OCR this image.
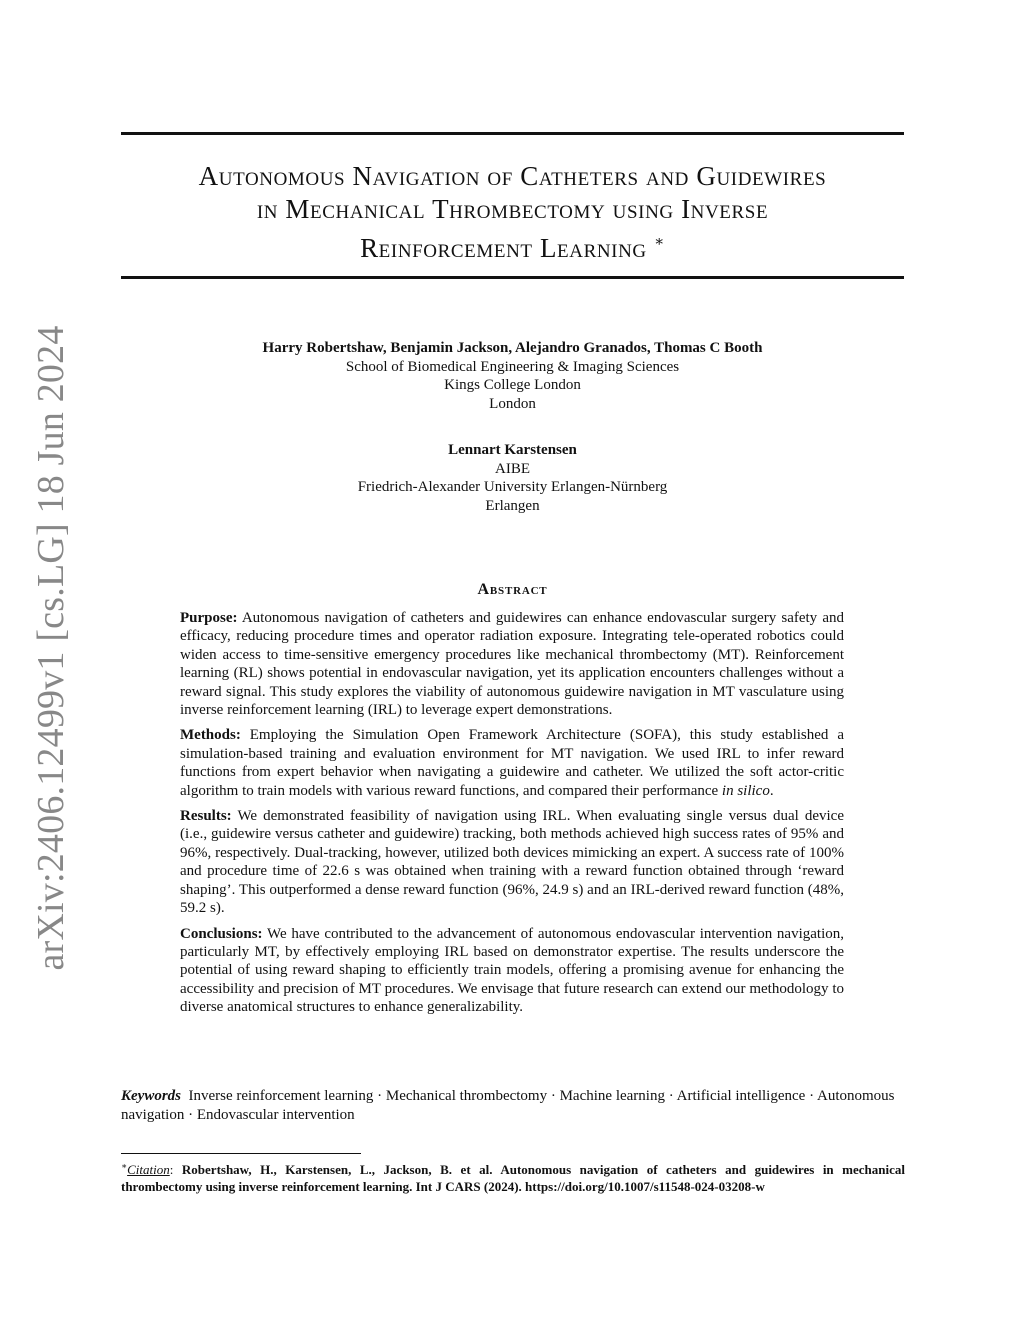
arXiv:2406.12499v1 [cs.LG] 18 Jun 2024
Autonomous Navigation of Catheters and Guidewires
in Mechanical Thrombectomy using Inverse
Reinforcement Learning ∗
Harry Robertshaw, Benjamin Jackson, Alejandro Granados, Thomas C Booth
School of Biomedical Engineering & Imaging Sciences
Kings College London
London
Lennart Karstensen
AIBE
Friedrich-Alexander University Erlangen-Nürnberg
Erlangen
Abstract

Purpose: Autonomous navigation of catheters and guidewires can enhance endovascular surgery safety and efficacy, reducing procedure times and operator radiation exposure. Integrating tele-operated robotics could widen access to time-sensitive emergency procedures like mechanical thrombectomy (MT). Reinforcement learning (RL) shows potential in endovascular navigation, yet its application encounters challenges without a reward signal. This study explores the viability of autonomous guidewire navigation in MT vasculature using inverse reinforcement learning (IRL) to leverage expert demonstrations.

Methods: Employing the Simulation Open Framework Architecture (SOFA), this study established a simulation-based training and evaluation environment for MT navigation. We used IRL to infer reward functions from expert behavior when navigating a guidewire and catheter. We utilized the soft actor-critic algorithm to train models with various reward functions, and compared their performance in silico.

Results: We demonstrated feasibility of navigation using IRL. When evaluating single versus dual device (i.e., guidewire versus catheter and guidewire) tracking, both methods achieved high success rates of 95% and 96%, respectively. Dual-tracking, however, utilized both devices mimicking an expert. A success rate of 100% and procedure time of 22.6 s was obtained when training with a reward function obtained through ‘reward shaping’. This outperformed a dense reward function (96%, 24.9 s) and an IRL-derived reward function (48%, 59.2 s).

Conclusions: We have contributed to the advancement of autonomous endovascular intervention navigation, particularly MT, by effectively employing IRL based on demonstrator expertise. The results underscore the potential of using reward shaping to efficiently train models, offering a promising avenue for enhancing the accessibility and precision of MT procedures. We envisage that future research can extend our methodology to diverse anatomical structures to enhance generalizability.

Keywords Inverse reinforcement learning · Mechanical thrombectomy · Machine learning · Artificial intelligence · Autonomous navigation · Endovascular intervention
∗Citation: Robertshaw, H., Karstensen, L., Jackson, B. et al. Autonomous navigation of catheters and guidewires in mechanical thrombectomy using inverse reinforcement learning. Int J CARS (2024). https://doi.org/10.1007/s11548-024-03208-w
